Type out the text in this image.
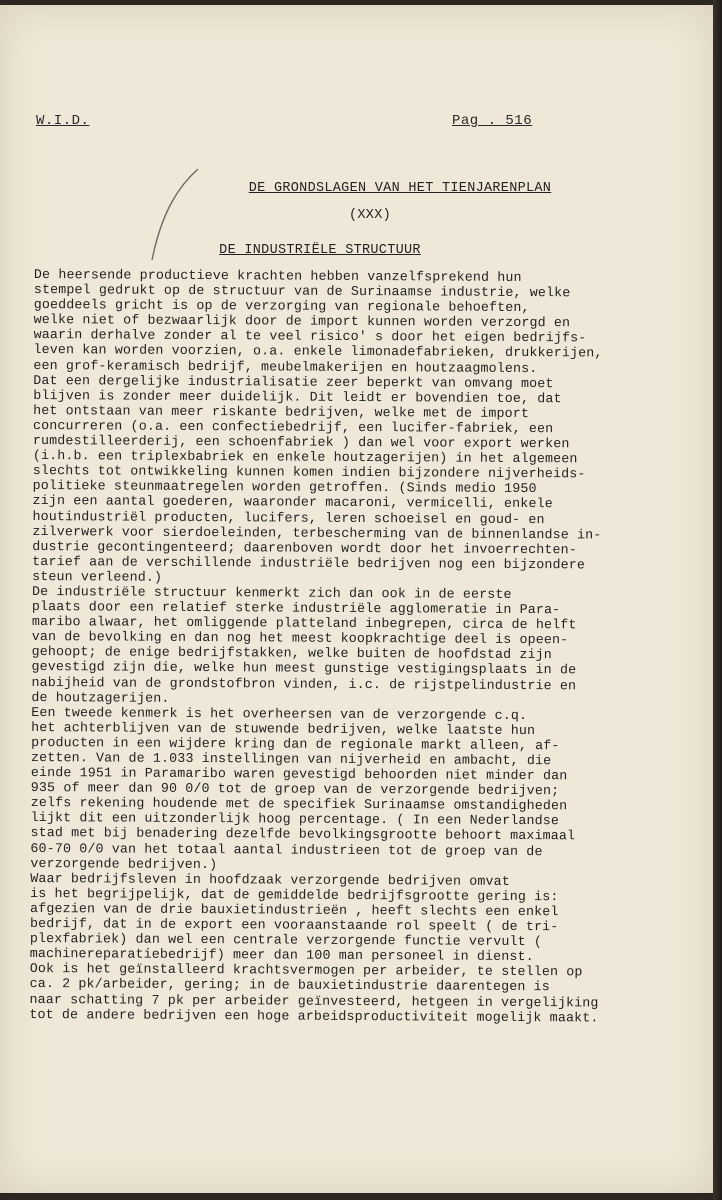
W.I.D.	Pag . 516
DE GRONDSLAGEN VAN HET TIENJARENPLAN
(XXX)
DE INDUSTRIËLE STRUCTUUR
De heersende productieve krachten hebben vanzelfsprekend hun
stempel gedrukt op de structuur van de Surinaamse industrie, welke
goeddeels gricht is op de verzorging van regionale behoeften,
welke niet of bezwaarlijk door de import kunnen worden verzorgd en
waarin derhalve zonder al te veel risico' s door het eigen bedrijfs-
leven kan worden voorzien, o.a. enkele limonadefabrieken, drukkerijen,
een grof-keramisch bedrijf, meubelmakerijen en houtzaagmolens.
Dat een dergelijke industrialisatie zeer beperkt van omvang moet
blijven is zonder meer duidelijk. Dit leidt er bovendien toe, dat
het ontstaan van meer riskante bedrijven, welke met de import
concurreren (o.a. een confectiebedrijf, een lucifer-fabriek, een
rumdestilleerderij, een schoenfabriek ) dan wel voor export werken
(i.h.b. een triplexbabriek en enkele houtzagerijen) in het algemeen
slechts tot ontwikkeling kunnen komen indien bijzondere nijverheids-
politieke steunmaatregelen worden getroffen. (Sinds medio 1950
zijn een aantal goederen, waaronder macaroni, vermicelli, enkele
houtindustriël producten, lucifers, leren schoeisel en goud- en
zilverwerk voor sierdoeleinden, terbescherming van de binnenlandse in-
dustrie gecontingenteerd; daarenboven wordt door het invoerrechten-
tarief aan de verschillende industriële bedrijven nog een bijzondere
steun verleend.)
De industriële structuur kenmerkt zich dan ook in de eerste
plaats door een relatief sterke industriële agglomeratie in Para-
maribo alwaar, het omliggende platteland inbegrepen, circa de helft
van de bevolking en dan nog het meest koopkrachtige deel is opeen-
gehoopt; de enige bedrijfstakken, welke buiten de hoofdstad zijn
gevestigd zijn die, welke hun meest gunstige vestigingsplaats in de
nabijheid van de grondstofbron vinden, i.c. de rijstpelindustrie en
de houtzagerijen.
Een tweede kenmerk is het overheersen van de verzorgende c.q.
het achterblijven van de stuwende bedrijven, welke laatste hun
producten in een wijdere kring dan de regionale markt alleen, af-
zetten. Van de 1.033 instellingen van nijverheid en ambacht, die
einde 1951 in Paramaribo waren gevestigd behoorden niet minder dan
935 of meer dan 90 0/0 tot de groep van de verzorgende bedrijven;
zelfs rekening houdende met de specifiek Surinaamse omstandigheden
lijkt dit een uitzonderlijk hoog percentage. ( In een Nederlandse
stad met bij benadering dezelfde bevolkingsgrootte behoort maximaal
60-70 0/0 van het totaal aantal industrieen tot de groep van de
verzorgende bedrijven.)
Waar bedrijfsleven in hoofdzaak verzorgende bedrijven omvat
is het begrijpelijk, dat de gemiddelde bedrijfsgrootte gering is:
afgezien van de drie bauxietindustrieën , heeft slechts een enkel
bedrijf, dat in de export een vooraanstaande rol speelt ( de tri-
plexfabriek) dan wel een centrale verzorgende functie vervult (
machinereparatiebedrijf) meer dan 100 man personeel in dienst.
Ook is het geïnstalleerd krachtsvermogen per arbeider, te stellen op
ca. 2 pk/arbeider, gering; in de bauxietindustrie daarentegen is
naar schatting 7 pk per arbeider geïnvesteerd, hetgeen in vergelijking
tot de andere bedrijven een hoge arbeidsproductiviteit mogelijk maakt.
